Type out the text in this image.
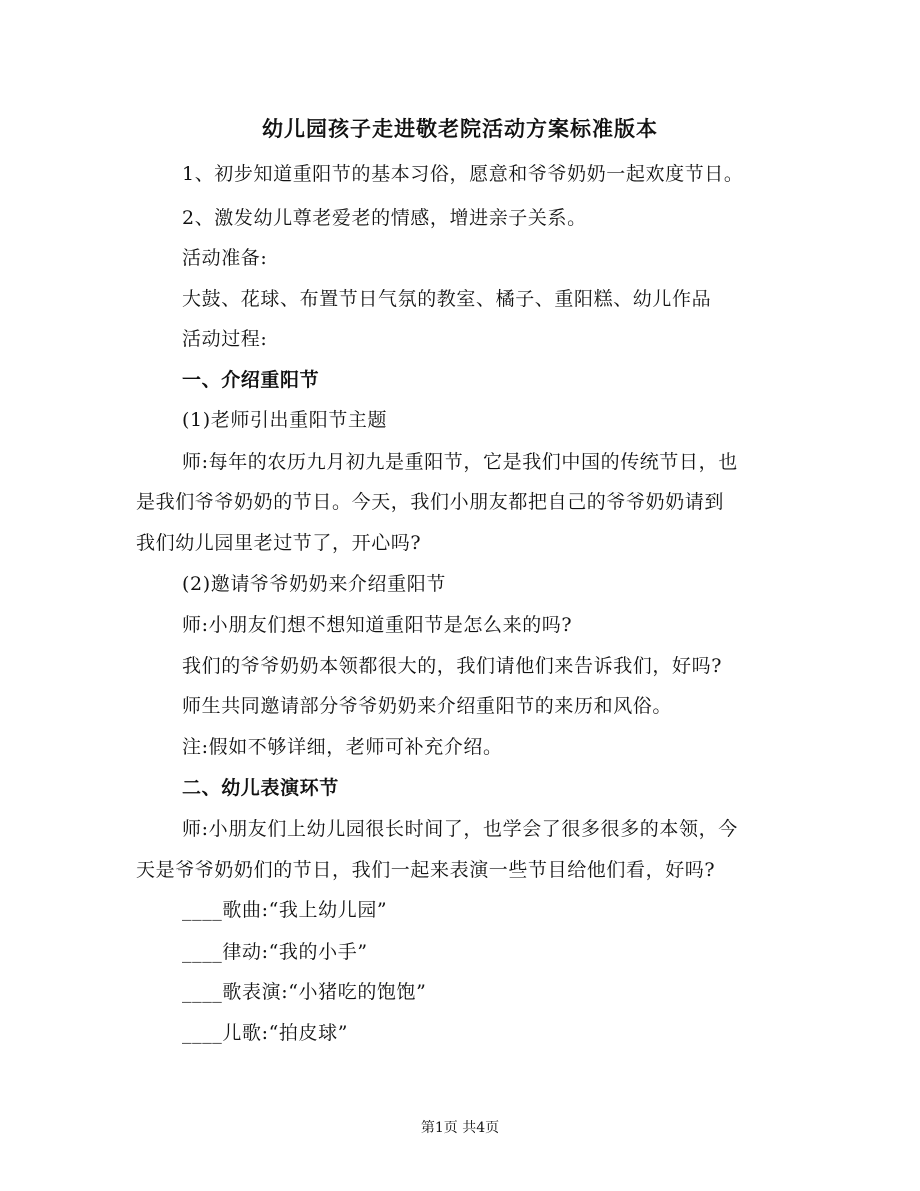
幼儿园孩子走进敬老院活动方案标准版本
1、初步知道重阳节的基本习俗，愿意和爷爷奶奶一起欢度节日。
2、激发幼儿尊老爱老的情感，增进亲子关系。
活动准备:
大鼓、花球、布置节日气氛的教室、橘子、重阳糕、幼儿作品
活动过程:
一、介绍重阳节
(1)老师引出重阳节主题
师:每年的农历九月初九是重阳节，它是我们中国的传统节日，也
是我们爷爷奶奶的节日。今天，我们小朋友都把自己的爷爷奶奶请到
我们幼儿园里老过节了，开心吗?
(2)邀请爷爷奶奶来介绍重阳节
师:小朋友们想不想知道重阳节是怎么来的吗?
我们的爷爷奶奶本领都很大的，我们请他们来告诉我们，好吗?
师生共同邀请部分爷爷奶奶来介绍重阳节的来历和风俗。
注:假如不够详细，老师可补充介绍。
二、幼儿表演环节
师:小朋友们上幼儿园很长时间了，也学会了很多很多的本领，今
天是爷爷奶奶们的节日，我们一起来表演一些节目给他们看，好吗?
____歌曲:“我上幼儿园”
____律动:“我的小手”
____歌表演:“小猪吃的饱饱”
____儿歌:“拍皮球”
第1页 共4页
